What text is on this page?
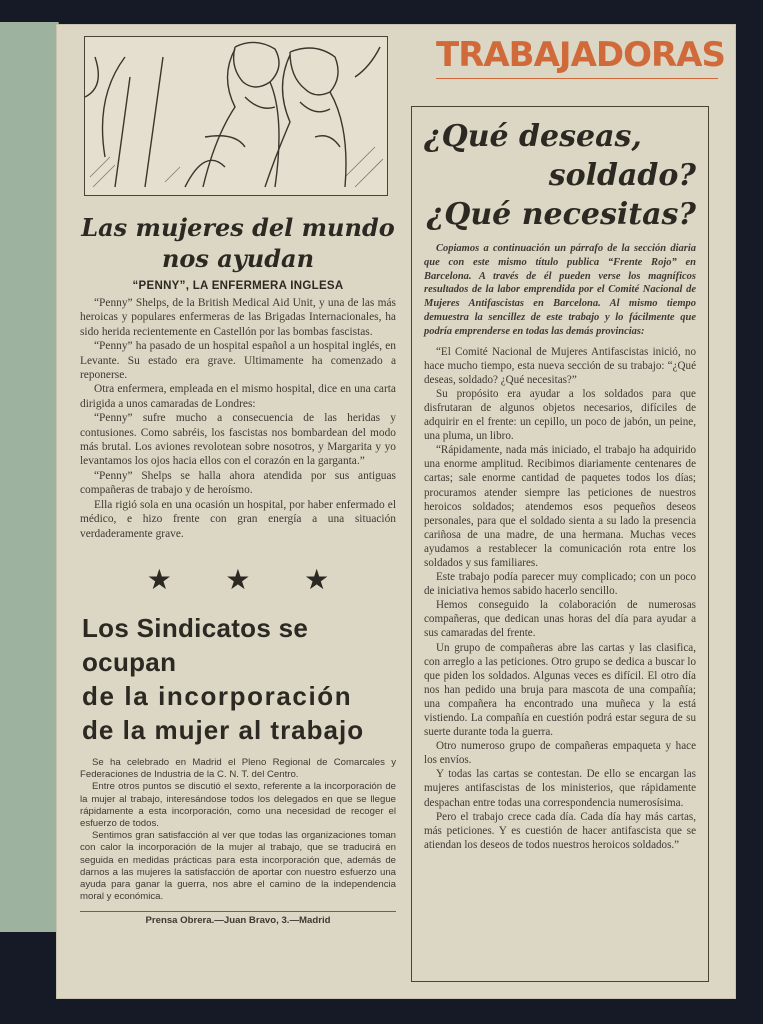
Las mujeres del mundo nos ayudan
“PENNY”, LA ENFERMERA INGLESA

“Penny” Shelps, de la British Medical Aid Unit, y una de las más heroicas y populares enfermeras de las Brigadas Internacionales, ha sido herida recientemente en Castellón por las bombas fascistas.

“Penny” ha pasado de un hospital español a un hospital inglés, en Levante. Su estado era grave. Ultimamente ha comenzado a reponerse.

Otra enfermera, empleada en el mismo hospital, dice en una carta dirigida a unos camaradas de Londres:

“Penny” sufre mucho a consecuencia de las heridas y contusiones. Como sabréis, los fascistas nos bombardean del modo más brutal. Los aviones revolotean sobre nosotros, y Margarita y yo levantamos los ojos hacia ellos con el corazón en la garganta.”

“Penny” Shelps se halla ahora atendida por sus antiguas compañeras de trabajo y de heroísmo.

Ella rigió sola en una ocasión un hospital, por haber enfermado el médico, e hizo frente con gran energía a una situación verdaderamente grave.

★ ★ ★
Los Sindicatos se ocupan
de la incorporación
de la mujer al trabajo

Se ha celebrado en Madrid el Pleno Regional de Comarcales y Federaciones de Industria de la C. N. T. del Centro.

Entre otros puntos se discutió el sexto, referente a la incorporación de la mujer al trabajo, interesándose todos los delegados en que se llegue rápidamente a esta incorporación, como una necesidad de recoger el esfuerzo de todos.

Sentimos gran satisfacción al ver que todas las organizaciones toman con calor la incorporación de la mujer al trabajo, que se traducirá en seguida en medidas prácticas para esta incorporación que, además de darnos a las mujeres la satisfacción de aportar con nuestro esfuerzo una ayuda para ganar la guerra, nos abre el camino de la independencia moral y económica.

Prensa Obrera.—Juan Bravo, 3.—Madrid
TRABAJADORAS
¿Qué deseas,
soldado?
¿Qué necesitas?

Copiamos a continuación un párrafo de la sección diaria que con este mismo título publica “Frente Rojo” en Barcelona. A través de él pueden verse los magníficos resultados de la labor emprendida por el Comité Nacional de Mujeres Antifascistas en Barcelona. Al mismo tiempo demuestra la sencillez de este trabajo y lo fácilmente que podría emprenderse en todas las demás provincias:

“El Comité Nacional de Mujeres Antifascistas inició, no hace mucho tiempo, esta nueva sección de su trabajo: “¿Qué deseas, soldado? ¿Qué necesitas?”

Su propósito era ayudar a los soldados para que disfrutaran de algunos objetos necesarios, difíciles de adquirir en el frente: un cepillo, un poco de jabón, un peine, una pluma, un libro.

“Rápidamente, nada más iniciado, el trabajo ha adquirido una enorme amplitud. Recibimos diariamente centenares de cartas; sale enorme cantidad de paquetes todos los días; procuramos atender siempre las peticiones de nuestros heroicos soldados; atendemos esos pequeños deseos personales, para que el soldado sienta a su lado la presencia cariñosa de una madre, de una hermana. Muchas veces ayudamos a restablecer la comunicación rota entre los soldados y sus familiares.

Este trabajo podía parecer muy complicado; con un poco de iniciativa hemos sabido hacerlo sencillo.

Hemos conseguido la colaboración de numerosas compañeras, que dedican unas horas del día para ayudar a sus camaradas del frente.

Un grupo de compañeras abre las cartas y las clasifica, con arreglo a las peticiones. Otro grupo se dedica a buscar lo que piden los soldados. Algunas veces es difícil. El otro día nos han pedido una bruja para mascota de una compañía; una compañera ha encontrado una muñeca y la está vistiendo. La compañía en cuestión podrá estar segura de su suerte durante toda la guerra.

Otro numeroso grupo de compañeras empaqueta y hace los envíos.

Y todas las cartas se contestan. De ello se encargan las mujeres antifascistas de los ministerios, que rápidamente despachan entre todas una correspondencia numerosísima.

Pero el trabajo crece cada día. Cada día hay más cartas, más peticiones. Y es cuestión de hacer antifascista que se atiendan los deseos de todos nuestros heroicos soldados.”
